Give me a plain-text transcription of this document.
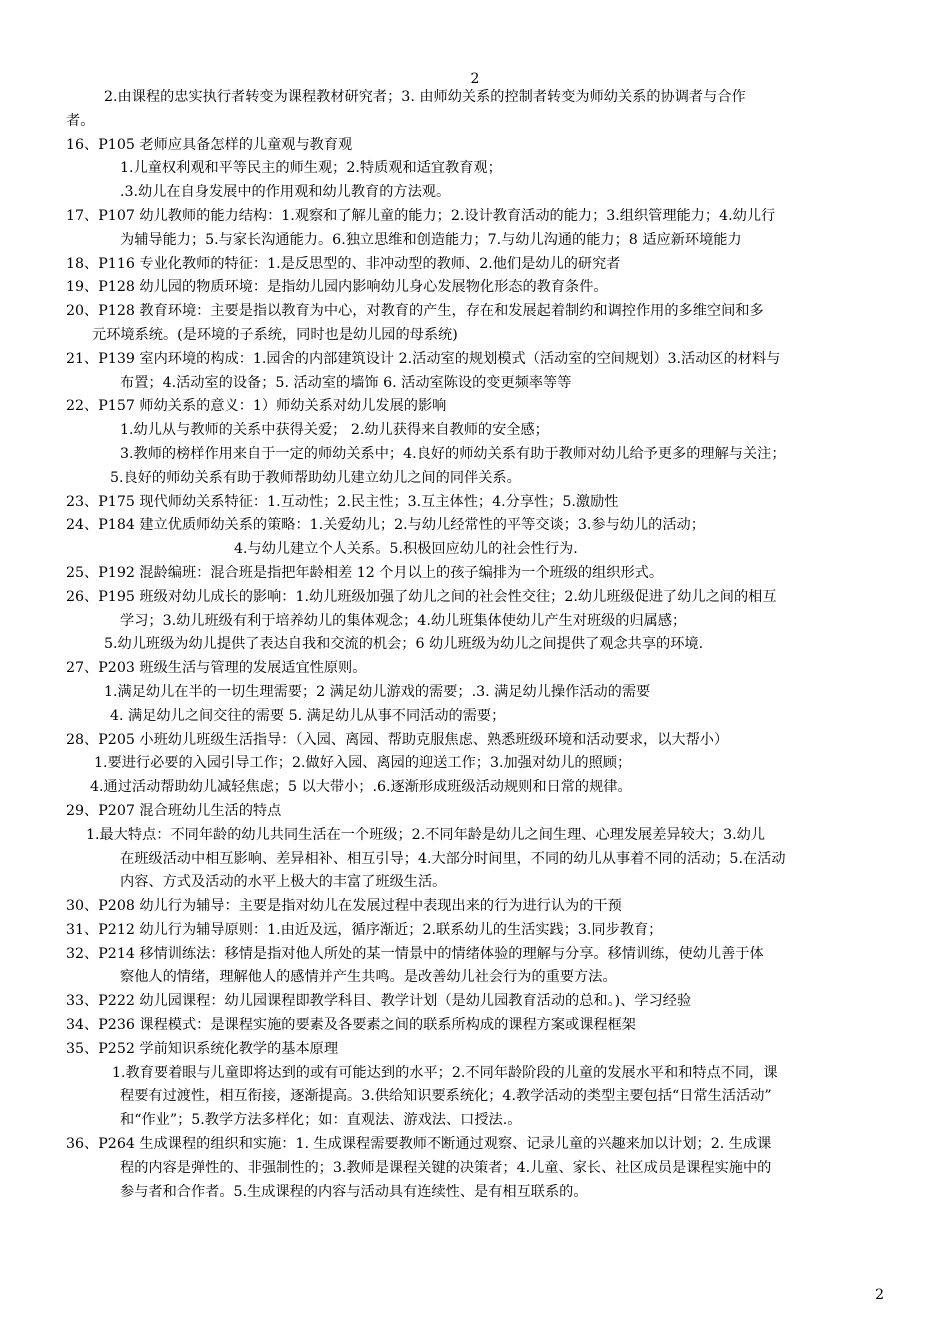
2
2.由课程的忠实执行者转变为课程教材研究者；3. 由师幼关系的控制者转变为师幼关系的协调者与合作
者。
16、P105 老师应具备怎样的儿童观与教育观
1.儿童权利观和平等民主的师生观；2.特质观和适宜教育观；
.3.幼儿在自身发展中的作用观和幼儿教育的方法观。
17、P107 幼儿教师的能力结构：1.观察和了解儿童的能力；2.设计教育活动的能力；3.组织管理能力；4.幼儿行
为辅导能力；5.与家长沟通能力。6.独立思维和创造能力；7.与幼儿沟通的能力；8 适应新环境能力
18、P116 专业化教师的特征：1.是反思型的、非冲动型的教师、2.他们是幼儿的研究者
19、P128 幼儿园的物质环境：是指幼儿园内影响幼儿身心发展物化形态的教育条件。
20、P128 教育环境：主要是指以教育为中心，对教育的产生，存在和发展起着制约和调控作用的多维空间和多
元环境系统。(是环境的子系统，同时也是幼儿园的母系统)
21、P139 室内环境的构成：1.园舍的内部建筑设计 2.活动室的规划模式（活动室的空间规划）3.活动区的材料与
布置；4.活动室的设备；5. 活动室的墙饰 6. 活动室陈设的变更频率等等
22、P157 师幼关系的意义：1）师幼关系对幼儿发展的影响
1.幼儿从与教师的关系中获得关爱； 2.幼儿获得来自教师的安全感；
3.教师的榜样作用来自于一定的师幼关系中；4.良好的师幼关系有助于教师对幼儿给予更多的理解与关注；
5.良好的师幼关系有助于教师帮助幼儿建立幼儿之间的同伴关系。
23、P175 现代师幼关系特征：1.互动性；2.民主性；3.互主体性；4.分享性；5.激励性
24、P184 建立优质师幼关系的策略：1.关爱幼儿；2.与幼儿经常性的平等交谈；3.参与幼儿的活动；
4.与幼儿建立个人关系。5.积极回应幼儿的社会性行为.
25、P192 混龄编班：混合班是指把年龄相差 12 个月以上的孩子编排为一个班级的组织形式。
26、P195 班级对幼儿成长的影响：1.幼儿班级加强了幼儿之间的社会性交往；2.幼儿班级促进了幼儿之间的相互
学习；3.幼儿班级有利于培养幼儿的集体观念；4.幼儿班集体使幼儿产生对班级的归属感；
5.幼儿班级为幼儿提供了表达自我和交流的机会；6 幼儿班级为幼儿之间提供了观念共享的环境.
27、P203 班级生活与管理的发展适宜性原则。
1.满足幼儿在半的一切生理需要；2 满足幼儿游戏的需要；.3. 满足幼儿操作活动的需要
4. 满足幼儿之间交往的需要 5. 满足幼儿从事不同活动的需要；
28、P205 小班幼儿班级生活指导：（入园、离园、帮助克服焦虑、熟悉班级环境和活动要求，以大帮小）
1.要进行必要的入园引导工作；2.做好入园、离园的迎送工作；3.加强对幼儿的照顾；
4.通过活动帮助幼儿减轻焦虑；5 以大带小；.6.逐渐形成班级活动规则和日常的规律。
29、P207 混合班幼儿生活的特点
1.最大特点：不同年龄的幼儿共同生活在一个班级；2.不同年龄是幼儿之间生理、心理发展差异较大；3.幼儿
在班级活动中相互影响、差异相补、相互引导；4.大部分时间里，不同的幼儿从事着不同的活动；5.在活动
内容、方式及活动的水平上极大的丰富了班级生活。
30、P208 幼儿行为辅导：主要是指对幼儿在发展过程中表现出来的行为进行认为的干预
31、P212 幼儿行为辅导原则：1.由近及远，循序渐近；2.联系幼儿的生活实践；3.同步教育；
32、P214 移情训练法：移情是指对他人所处的某一情景中的情绪体验的理解与分享。移情训练，使幼儿善于体
察他人的情绪，理解他人的感情并产生共鸣。是改善幼儿社会行为的重要方法。
33、P222 幼儿园课程：幼儿园课程即教学科目、教学计划（是幼儿园教育活动的总和。)、学习经验
34、P236 课程模式：是课程实施的要素及各要素之间的联系所构成的课程方案或课程框架
35、P252 学前知识系统化教学的基本原理
1.教育要着眼与儿童即将达到的或有可能达到的水平；2.不同年龄阶段的儿童的发展水平和和特点不同，课
程要有过渡性，相互衔接，逐渐提高。3.供给知识要系统化；4.教学活动的类型主要包括“日常生活活动”
和“作业”；5.教学方法多样化；如：直观法、游戏法、口授法.。
36、P264 生成课程的组织和实施：1. 生成课程需要教师不断通过观察、记录儿童的兴趣来加以计划；2. 生成课
程的内容是弹性的、非强制性的；3.教师是课程关键的决策者；4.儿童、家长、社区成员是课程实施中的
参与者和合作者。5.生成课程的内容与活动具有连续性、是有相互联系的。
2
